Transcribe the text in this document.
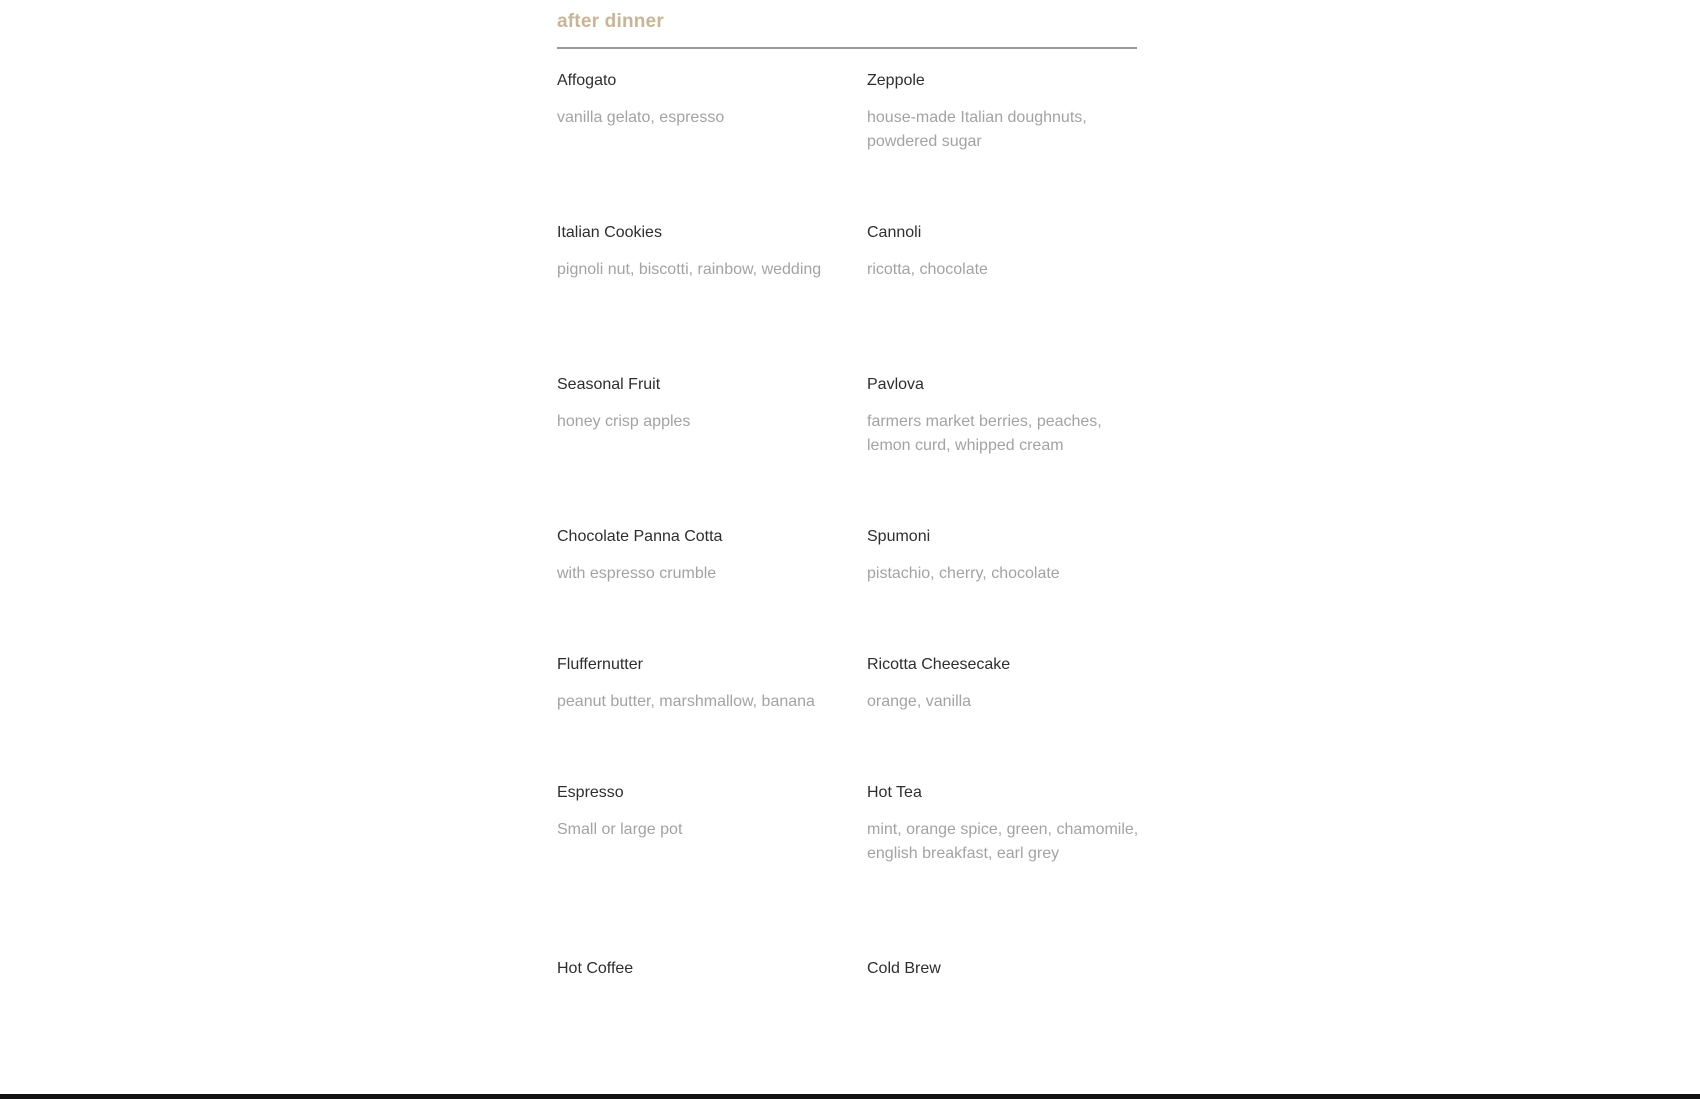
after dinner
Affogato
vanilla gelato, espresso
Zeppole
house-made Italian doughnuts, powdered sugar
Italian Cookies
pignoli nut, biscotti, rainbow, wedding
Cannoli
ricotta, chocolate
Seasonal Fruit
honey crisp apples
Pavlova
farmers market berries, peaches, lemon curd, whipped cream
Chocolate Panna Cotta
with espresso crumble
Spumoni
pistachio, cherry, chocolate
Fluffernutter
peanut butter, marshmallow, banana
Ricotta Cheesecake
orange, vanilla
Espresso
Small or large pot
Hot Tea
mint, orange spice, green, chamomile, english breakfast, earl grey
Hot Coffee	Cold Brew
